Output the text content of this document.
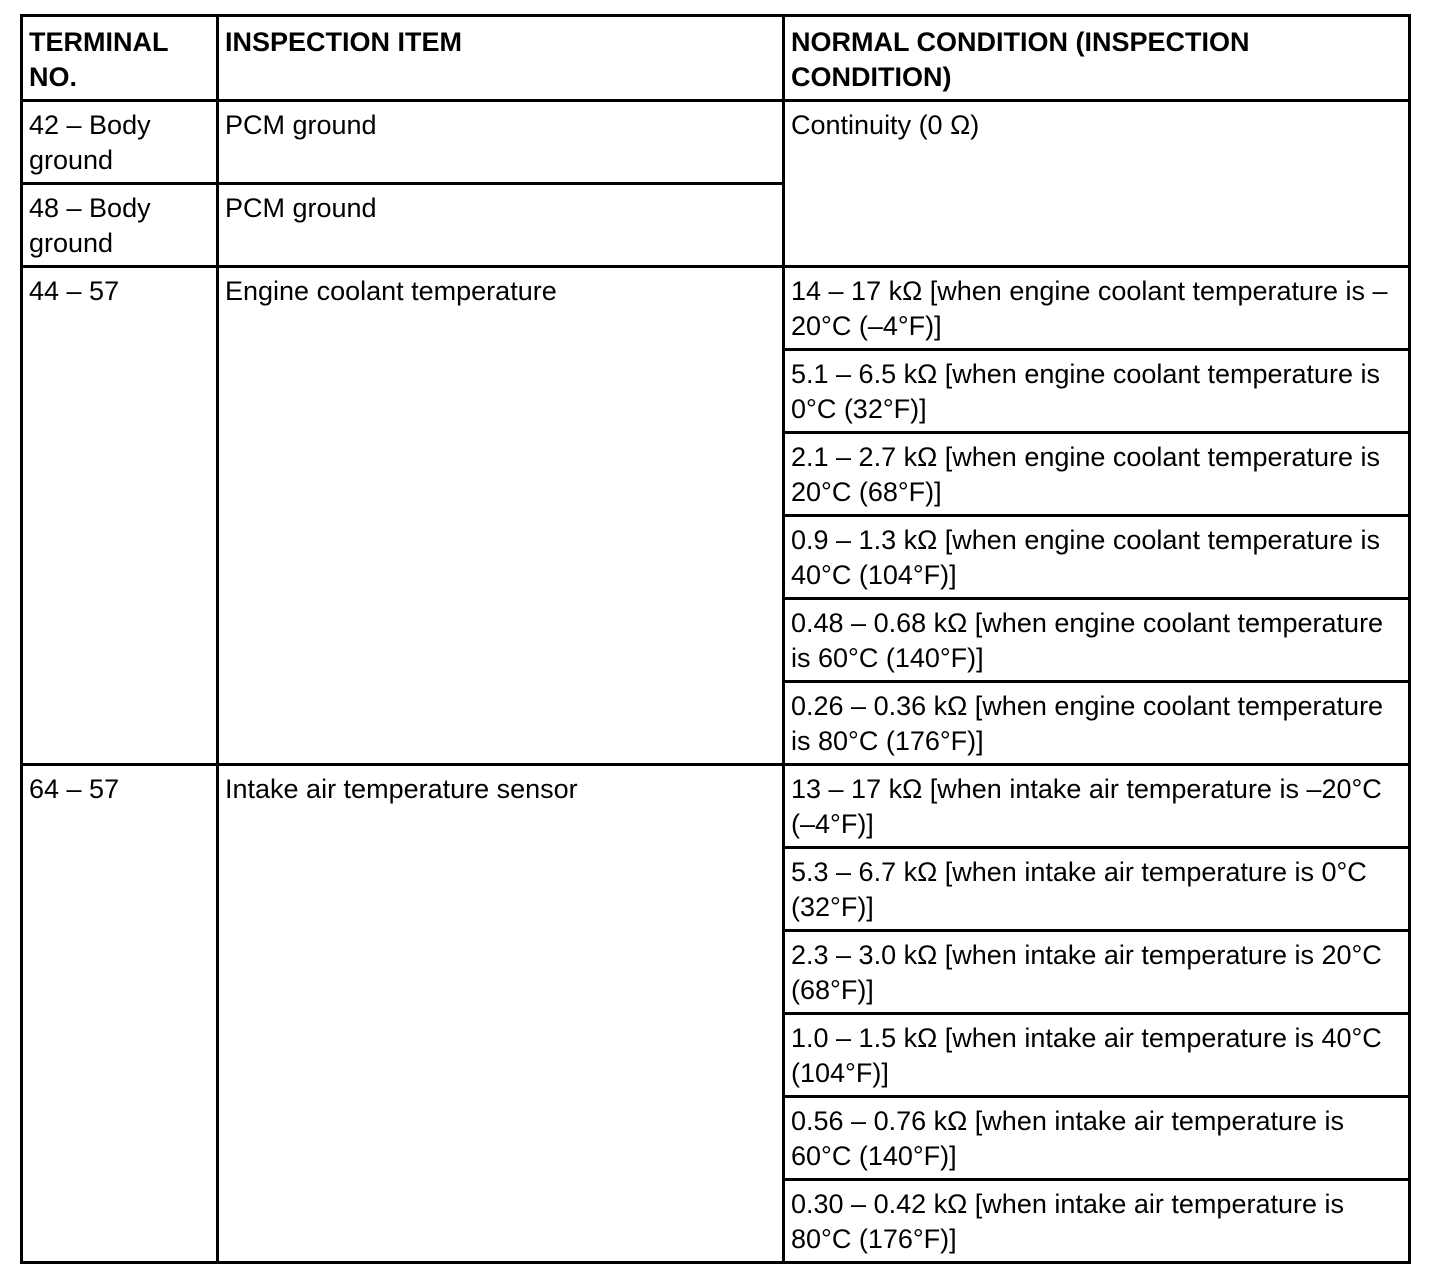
TERMINAL NO.	INSPECTION ITEM	NORMAL CONDITION (INSPECTION CONDITION)
42 – Body ground	PCM ground	Continuity (0 Ω)
48 – Body ground	PCM ground	
44 – 57	Engine coolant temperature	14 – 17 kΩ [when engine coolant temperature is –20°C (–4°F)]
		5.1 – 6.5 kΩ [when engine coolant temperature is 0°C (32°F)]
		2.1 – 2.7 kΩ [when engine coolant temperature is 20°C (68°F)]
		0.9 – 1.3 kΩ [when engine coolant temperature is 40°C (104°F)]
		0.48 – 0.68 kΩ [when engine coolant temperature is 60°C (140°F)]
		0.26 – 0.36 kΩ [when engine coolant temperature is 80°C (176°F)]
64 – 57	Intake air temperature sensor	13 – 17 kΩ [when intake air temperature is –20°C (–4°F)]
		5.3 – 6.7 kΩ [when intake air temperature is 0°C (32°F)]
		2.3 – 3.0 kΩ [when intake air temperature is 20°C (68°F)]
		1.0 – 1.5 kΩ [when intake air temperature is 40°C (104°F)]
		0.56 – 0.76 kΩ [when intake air temperature is 60°C (140°F)]
		0.30 – 0.42 kΩ [when intake air temperature is 80°C (176°F)]
